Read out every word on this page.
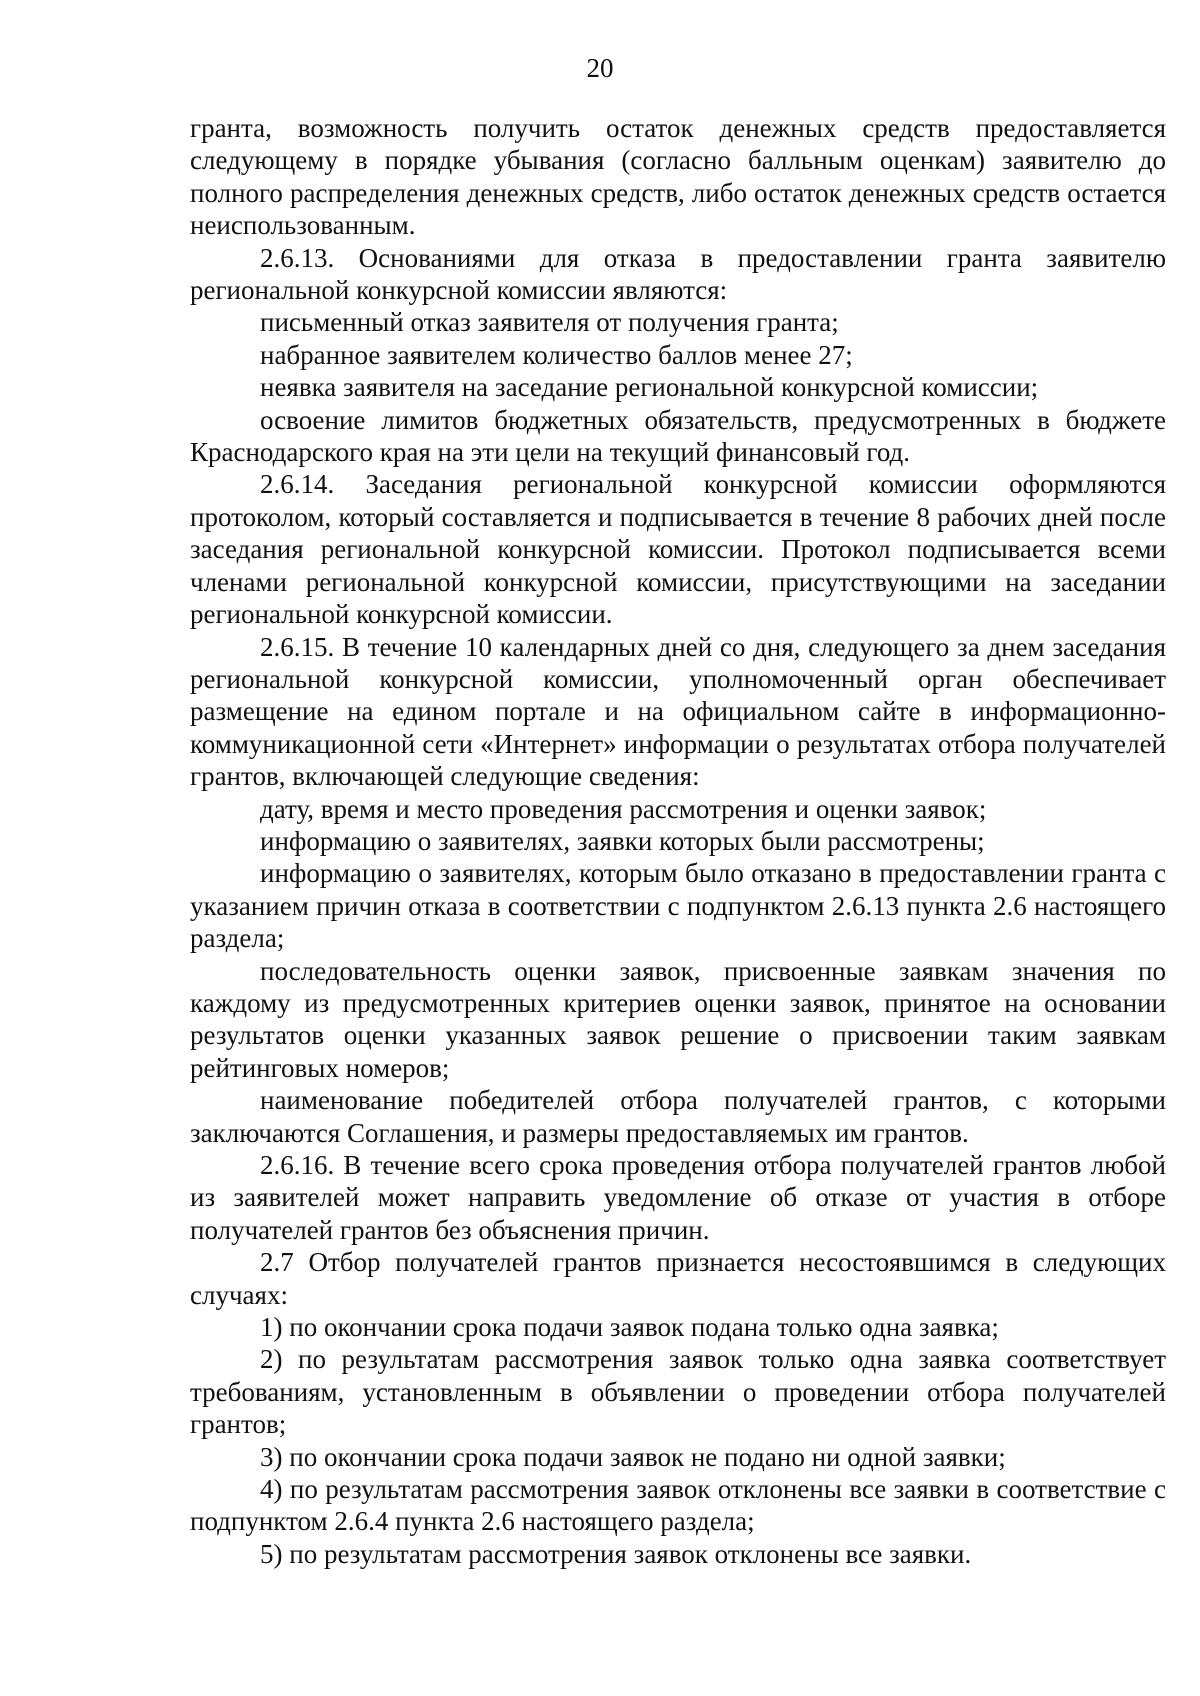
20

гранта, возможность получить остаток денежных средств предоставляется следующему в порядке убывания (согласно балльным оценкам) заявителю до полного распределения денежных средств, либо остаток денежных средств остается неиспользованным.

2.6.13. Основаниями для отказа в предоставлении гранта заявителю региональной конкурсной комиссии являются:

письменный отказ заявителя от получения гранта;

набранное заявителем количество баллов менее 27;

неявка заявителя на заседание региональной конкурсной комиссии;

освоение лимитов бюджетных обязательств, предусмотренных в бюджете Краснодарского края на эти цели на текущий финансовый год.

2.6.14. Заседания региональной конкурсной комиссии оформляются протоколом, который составляется и подписывается в течение 8 рабочих дней после заседания региональной конкурсной комиссии. Протокол подписывается всеми членами региональной конкурсной комиссии, присутствующими на заседании региональной конкурсной комиссии.

2.6.15. В течение 10 календарных дней со дня, следующего за днем заседания региональной конкурсной комиссии, уполномоченный орган обеспечивает размещение на едином портале и на официальном сайте в информационно-коммуникационной сети «Интернет» информации о результатах отбора получателей грантов, включающей следующие сведения:

дату, время и место проведения рассмотрения и оценки заявок;

информацию о заявителях, заявки которых были рассмотрены;

информацию о заявителях, которым было отказано в предоставлении гранта с указанием причин отказа в соответствии с подпунктом 2.6.13 пункта 2.6 настоящего раздела;

последовательность оценки заявок, присвоенные заявкам значения по каждому из предусмотренных критериев оценки заявок, принятое на основании результатов оценки указанных заявок решение о присвоении таким заявкам рейтинговых номеров;

наименование победителей отбора получателей грантов, с которыми заключаются Соглашения, и размеры предоставляемых им грантов.

2.6.16. В течение всего срока проведения отбора получателей грантов любой из заявителей может направить уведомление об отказе от участия в отборе получателей грантов без объяснения причин.

2.7 Отбор получателей грантов признается несостоявшимся в следующих случаях:

1) по окончании срока подачи заявок подана только одна заявка;

2) по результатам рассмотрения заявок только одна заявка соответствует требованиям, установленным в объявлении о проведении отбора получателей грантов;

3) по окончании срока подачи заявок не подано ни одной заявки;

4) по результатам рассмотрения заявок отклонены все заявки в соответствие с подпунктом 2.6.4 пункта 2.6 настоящего раздела;

5) по результатам рассмотрения заявок отклонены все заявки.
